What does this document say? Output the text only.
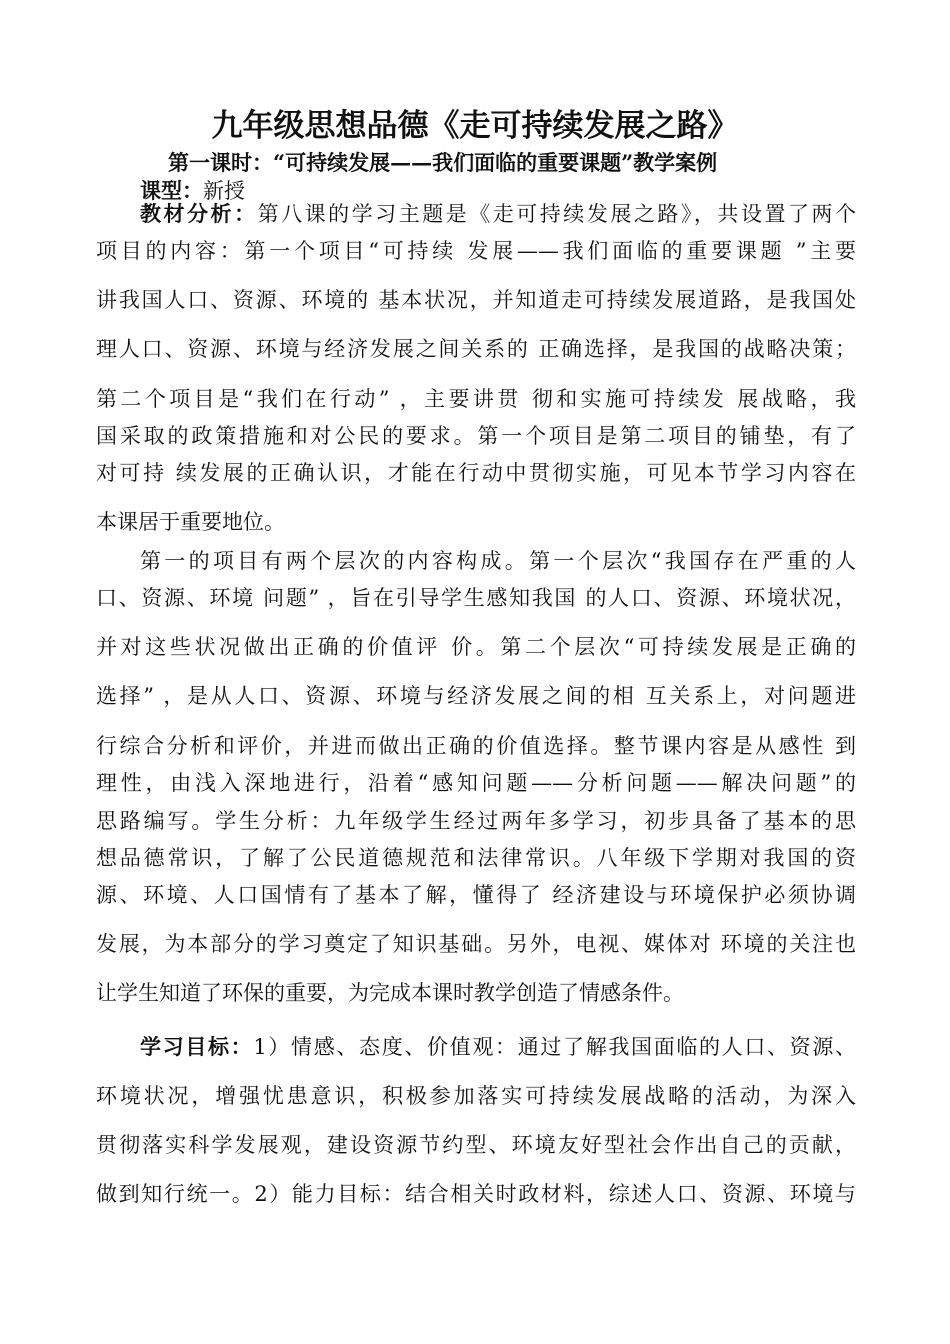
九年级思想品德《走可持续发展之路》
第一课时：“可持续发展——我们面临的重要课题”教学案例
课型：新授
教材分析：第八课的学习主题是《走可持续发展之路》，共设置了两个
项目的内容：第一个项目“可持续 发展——我们面临的重要课题 ”主要
讲我国人口、资源、环境的 基本状况，并知道走可持续发展道路，是我国处
理人口、资源、环境与经济发展之间关系的 正确选择，是我国的战略决策；
第二个项目是“我们在行动” ，主要讲贯 彻和实施可持续发 展战略，我
国采取的政策措施和对公民的要求。第一个项目是第二项目的铺垫，有了
对可持 续发展的正确认识，才能在行动中贯彻实施，可见本节学习内容在
本课居于重要地位。
第一的项目有两个层次的内容构成。第一个层次“我国存在严重的人
口、资源、环境 问题” ，旨在引导学生感知我国 的人口、资源、环境状况，
并对这些状况做出正确的价值评 价。第二个层次“可持续发展是正确的
选择” ，是从人口、资源、环境与经济发展之间的相 互关系上，对问题进
行综合分析和评价，并进而做出正确的价值选择。整节课内容是从感性 到
理性，由浅入深地进行，沿着“感知问题——分析问题——解决问题”的
思路编写。学生分析：九年级学生经过两年多学习，初步具备了基本的思
想品德常识，了解了公民道德规范和法律常识。八年级下学期对我国的资
源、环境、人口国情有了基本了解，懂得了 经济建设与环境保护必须协调
发展，为本部分的学习奠定了知识基础。另外，电视、媒体对 环境的关注也
让学生知道了环保的重要，为完成本课时教学创造了情感条件。
学习目标：1）情感、态度、价值观：通过了解我国面临的人口、资源、
环境状况，增强忧患意识，积极参加落实可持续发展战略的活动，为深入
贯彻落实科学发展观，建设资源节约型、环境友好型社会作出自己的贡献，
做到知行统一。2）能力目标：结合相关时政材料，综述人口、资源、环境与
